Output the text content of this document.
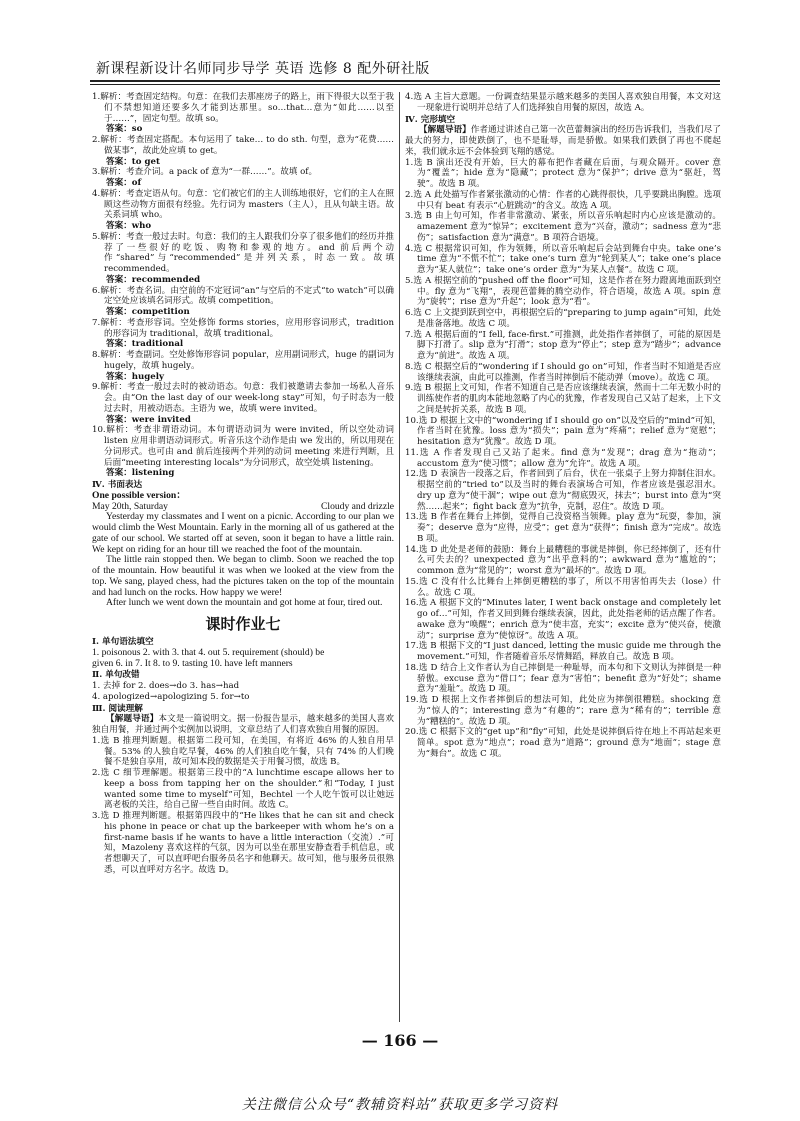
新课程新设计名师同步导学 英语 选修 8 配外研社版
1.解析：考查固定结构。句意：在我们去那座房子的路上，雨下得很大以至于我们不禁想知道还要多久才能到达那里。so…that…意为“如此……以至于……”，固定句型。故填 so。
答案：so
2.解析：考查固定搭配。本句运用了 take… to do sth. 句型，意为“花费……做某事”，故此处应填 to get。
答案：to get
3.解析：考查介词。a pack of 意为“一群……”。故填 of。
答案：of
4.解析：考查定语从句。句意：它们被它们的主人训练地很好，它们的主人在照顾这些动物方面很有经验。先行词为 masters（主人），且从句缺主语。故关系词填 who。
答案：who
5.解析：考查一般过去时。句意：我们的主人跟我们分享了很多他们的经历并推荐了一些很好的吃饭、购物和参观的地方。and 前后两个动作“shared”与“recommended”是并列关系，时态一致。故填 recommended。
答案：recommended
6.解析：考查名词。由空前的不定冠词“an”与空后的不定式“to watch”可以确定空处应该填名词形式。故填 competition。
答案：competition
7.解析：考查形容词。空处修饰 forms stories，应用形容词形式，tradition 的形容词为 traditional，故填 traditional。
答案：traditional
8.解析：考查副词。空处修饰形容词 popular，应用副词形式，huge 的副词为 hugely，故填 hugely。
答案：hugely
9.解析：考查一般过去时的被动语态。句意：我们被邀请去参加一场私人音乐会。由“On the last day of our week-long stay”可知，句子时态为一般过去时，用被动语态。主语为 we，故填 were invited。
答案：were invited
10.解析：考查非谓语动词。本句谓语动词为 were invited，所以空处动词 listen 应用非谓语动词形式。听音乐这个动作是由 we 发出的，所以用现在分词形式。也可由 and 前后连接两个并列的动词 meeting 来进行判断，且后面“meeting interesting locals”为分词形式，故空处填 listening。
答案：listening
Ⅳ. 书面表达
One possible version：
May 20th, Saturday	Cloudy and drizzle
Yesterday my classmates and I went on a picnic. According to our plan we would climb the West Mountain. Early in the morning all of us gathered at the gate of our school. We started off at seven, soon it began to have a little rain. We kept on riding for an hour till we reached the foot of the mountain.
The little rain stopped then. We began to climb. Soon we reached the top of the mountain. How beautiful it was when we looked at the view from the top. We sang, played chess, had the pictures taken on the top of the mountain and had lunch on the rocks. How happy we were!
After lunch we went down the mountain and got home at four, tired out.
课时作业七
Ⅰ. 单句语法填空
1. poisonous 2. with 3. that 4. out 5. requirement (should) be
given 6. in 7. It 8. to 9. tasting 10. have left manners
Ⅱ. 单句改错
1. 去掉 for 2. does→do 3. has→had
4. apologized→apologizing 5. for→to
Ⅲ. 阅读理解
【解题导语】本文是一篇说明文。据一份报告显示，越来越多的美国人喜欢独自用餐，并通过两个实例加以说明，文章总结了人们喜欢独自用餐的原因。
1.选 B 推理判断题。根据第二段可知，在美国，有将近 46% 的人独自用早餐。53% 的人独自吃早餐，46% 的人们独自吃午餐，只有 74% 的人们晚餐不是独自享用，故可知本段的数据是关于用餐习惯，故选 B。
2.选 C 细节理解题。根据第三段中的“A lunchtime escape allows her to keep a boss from tapping her on the shoulder.”和“Today, I just wanted some time to myself”可知，Bechtel 一个人吃午饭可以让她远离老板的关注，给自己留一些自由时间。故选 C。
3.选 D 推理判断题。根据第四段中的“He likes that he can sit and check his phone in peace or chat up the barkeeper with whom he’s on a first-name basis if he wants to have a little interaction（交流）.”可知，Mazoleny 喜欢这样的气氛，因为可以坐在那里安静查看手机信息，或者想聊天了，可以直呼吧台服务员名字和他聊天。故可知，他与服务员很熟悉，可以直呼对方名字。故选 D。
4.选 A 主旨大意题。一份调查结果显示越来越多的美国人喜欢独自用餐，本文对这一现象进行说明并总结了人们选择独自用餐的原因，故选 A。
Ⅳ. 完形填空
【解题导语】作者通过讲述自己第一次芭蕾舞演出的经历告诉我们，当我们尽了最大的努力，即使跌倒了，也不是耻辱，而是骄傲。如果我们跌倒了再也不爬起来，我们就永远不会体验到飞翔的感觉。
1.选 B 演出还没有开始，巨大的幕布把作者藏在后面，与观众隔开。cover 意为“覆盖”；hide 意为“隐藏”；protect 意为“保护”；drive 意为“驱赶，驾驶”。故选 B 项。
2.选 A 此处描写作者紧张激动的心情：作者的心跳得很快，几乎要跳出胸膛。选项中只有 beat 有表示“心脏跳动”的含义。故选 A 项。
3.选 B 由上句可知，作者非常激动、紧张，所以音乐响起时内心应该是激动的。amazement 意为“惊异”；excitement 意为“兴奋，激动”；sadness 意为“悲伤”；satisfaction 意为“满意”。B 项符合语境。
4.选 C 根据常识可知，作为领舞，所以音乐响起后会站到舞台中央。take one’s time 意为“不慌不忙”；take one’s turn 意为“轮到某人”；take one’s place 意为“某人就位”；take one’s order 意为“为某人点餐”。故选 C 项。
5.选 A 根据空前的“pushed off the floor”可知，这是作者在努力蹬离地面跃到空中。fly 意为“飞翔”，表现芭蕾舞的腾空动作，符合语境，故选 A 项。spin 意为“旋转”；rise 意为“升起”；look 意为“看”。
6.选 C 上文提到跃到空中，再根据空后的“preparing to jump again”可知，此处是准备落地。故选 C 项。
7.选 A 根据后面的“I fell, face-first.”可推测，此处指作者摔倒了，可能的原因是脚下打滑了。slip 意为“打滑”；stop 意为“停止”；step 意为“踏步”；advance 意为“前进”。故选 A 项。
8.选 C 根据空后的“wondering if I should go on”可知，作者当时不知道是否应该继续表演，由此可以推测，作者当时摔倒后不能动弹（move）。故选 C 项。
9.选 B 根据上文可知，作者不知道自己是否应该继续表演，然而十二年无数小时的训练使作者的肌肉本能地忽略了内心的犹豫，作者发现自己又站了起来，上下文之间是转折关系，故选 B 项。
10.选 D 根据上文中的“wondering if I should go on”以及空后的“mind”可知，作者当时在犹豫。loss 意为“损失”；pain 意为“疼痛”；relief 意为“宽慰”；hesitation 意为“犹豫”。故选 D 项。
11.选 A 作者发现自己又站了起来。find 意为“发现”；drag 意为“拖动”；accustom 意为“使习惯”；allow 意为“允许”。故选 A 项。
12.选 D 表演告一段落之后，作者回到了后台，伏在一张桌子上努力抑制住泪水。根据空前的“tried to”以及当时的舞台表演场合可知，作者应该是强忍泪水。dry up 意为“使干涸”；wipe out 意为“彻底毁灭，抹去”；burst into 意为“突然……起来”；fight back 意为“抗争，克制，忍住”。故选 D 项。
13.选 B 作者在舞台上摔倒，觉得自己没资格当领舞。play 意为“玩耍，参加，演奏”；deserve 意为“应得，应受”；get 意为“获得”；finish 意为“完成”。故选 B 项。
14.选 D 此处是老师的鼓励：舞台上最糟糕的事就是摔倒，你已经摔倒了，还有什么可失去的？unexpected 意为“出乎意料的”；awkward 意为“尴尬的”；common 意为“常见的”；worst 意为“最坏的”。故选 D 项。
15.选 C 没有什么比舞台上摔倒更糟糕的事了，所以不用害怕再失去（lose）什么。故选 C 项。
16.选 A 根据下文的“Minutes later, I went back onstage and completely let go of…”可知，作者又回到舞台继续表演，因此，此处指老师的话点醒了作者。awake 意为“唤醒”；enrich 意为“使丰富，充实”；excite 意为“使兴奋，使激动”；surprise 意为“使惊讶”。故选 A 项。
17.选 B 根据下文的“I just danced, letting the music guide me through the movement.”可知，作者随着音乐尽情舞蹈，释放自己。故选 B 项。
18.选 D 结合上文作者认为自己摔倒是一种耻辱，而本句和下文则认为摔倒是一种骄傲。excuse 意为“借口”；fear 意为“害怕”；benefit 意为“好处”；shame 意为“羞耻”。故选 D 项。
19.选 D 根据上文作者摔倒后的想法可知，此处应为摔倒很糟糕。shocking 意为“惊人的”；interesting 意为“有趣的”；rare 意为“稀有的”；terrible 意为“糟糕的”。故选 D 项。
20.选 C 根据下文的“get up”和“fly”可知，此处是说摔倒后待在地上不再站起来更简单。spot 意为“地点”；road 意为“道路”；ground 意为“地面”；stage 意为“舞台”。故选 C 项。
— 166 —
关注微信公众号“教辅资料站”获取更多学习资料
